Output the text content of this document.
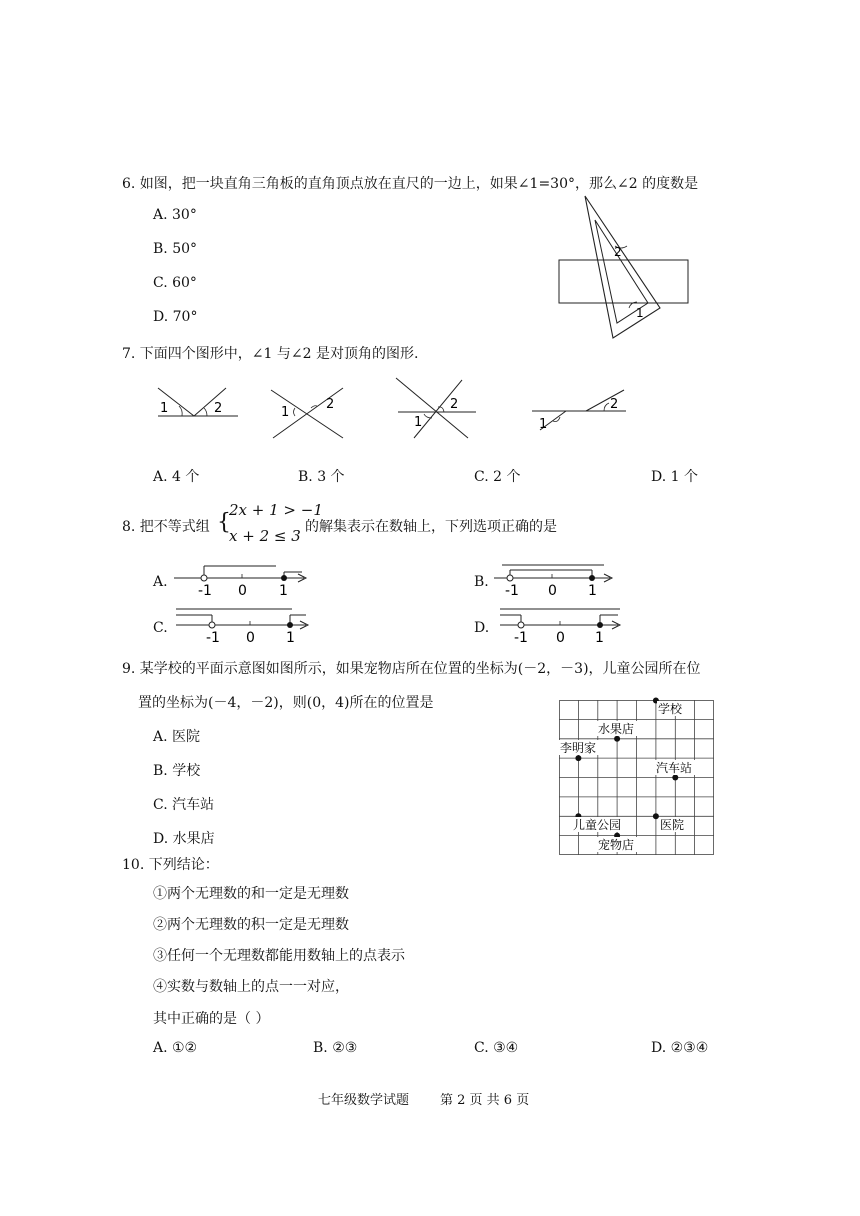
6. 如图，把一块直角三角板的直角顶点放在直尺的一边上，如果∠1=30°，那么∠2 的度数是
A. 30°
B. 50°
C. 60°
D. 70°
2
1
7. 下面四个图形中，∠1 与∠2 是对顶角的图形.
1	2	1
2	2
1
2
1
A. 4 个	B. 3 个	C. 2 个	D. 1 个
8. 把不等式组 {
2x + 1 > −1
x + 2 ≤ 3 的解集表示在数轴上，下列选项正确的是
A.
-1 0 1
B.
-1 0 1
C.
-1 0 1
D.
-1 0 1
9. 某学校的平面示意图如图所示，如果宠物店所在位置的坐标为(－2，－3)，儿童公园所在位
置的坐标为(－4，－2)，则(0，4)所在的位置是
A. 医院
B. 学校
C. 汽车站
D. 水果店
学校
水果店
李明家
汽车站
儿童公园	医院
宠物店
10. 下列结论：
①两个无理数的和一定是无理数
②两个无理数的积一定是无理数
③任何一个无理数都能用数轴上的点表示
④实数与数轴上的点一一对应，
其中正确的是（ ）
A. ①②	B. ②③	C. ③④	D. ②③④
七年级数学试题 第 2 页 共 6 页
